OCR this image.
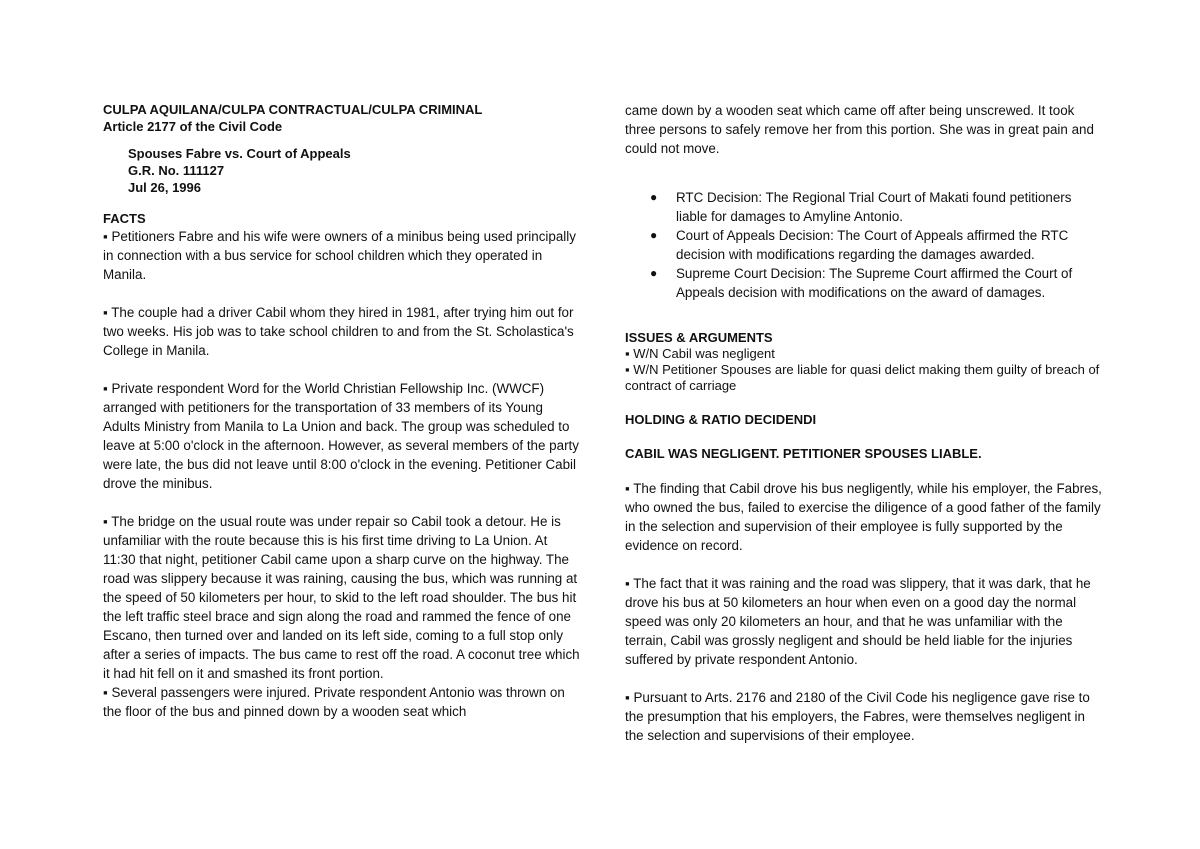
CULPA AQUILANA/CULPA CONTRACTUAL/CULPA CRIMINAL

Article 2177 of the Civil Code

Spouses Fabre vs. Court of Appeals

G.R. No. 111127

Jul 26, 1996

FACTS

▪ Petitioners Fabre and his wife were owners of a minibus being used principally in connection with a bus service for school children which they operated in Manila.

▪ The couple had a driver Cabil whom they hired in 1981, after trying him out for two weeks. His job was to take school children to and from the St. Scholastica's College in Manila.

▪ Private respondent Word for the World Christian Fellowship Inc. (WWCF) arranged with petitioners for the transportation of 33 members of its Young Adults Ministry from Manila to La Union and back. The group was scheduled to leave at 5:00 o'clock in the afternoon. However, as several members of the party were late, the bus did not leave until 8:00 o'clock in the evening. Petitioner Cabil drove the minibus.

▪ The bridge on the usual route was under repair so Cabil took a detour. He is unfamiliar with the route because this is his first time driving to La Union. At 11:30 that night, petitioner Cabil came upon a sharp curve on the highway. The road was slippery because it was raining, causing the bus, which was running at the speed of 50 kilometers per hour, to skid to the left road shoulder. The bus hit the left traffic steel brace and sign along the road and rammed the fence of one Escano, then turned over and landed on its left side, coming to a full stop only after a series of impacts. The bus came to rest off the road. A coconut tree which it had hit fell on it and smashed its front portion.

▪ Several passengers were injured. Private respondent Antonio was thrown on the floor of the bus and pinned down by a wooden seat which

came down by a wooden seat which came off after being unscrewed. It took three persons to safely remove her from this portion. She was in great pain and could not move.

● RTC Decision: The Regional Trial Court of Makati found petitioners liable for damages to Amyline Antonio.
● Court of Appeals Decision: The Court of Appeals affirmed the RTC decision with modifications regarding the damages awarded.
● Supreme Court Decision: The Supreme Court affirmed the Court of Appeals decision with modifications on the award of damages.

ISSUES & ARGUMENTS

▪ W/N Cabil was negligent

▪ W/N Petitioner Spouses are liable for quasi delict making them guilty of breach of contract of carriage

HOLDING & RATIO DECIDENDI

CABIL WAS NEGLIGENT. PETITIONER SPOUSES LIABLE.

▪ The finding that Cabil drove his bus negligently, while his employer, the Fabres, who owned the bus, failed to exercise the diligence of a good father of the family in the selection and supervision of their employee is fully supported by the evidence on record.

▪ The fact that it was raining and the road was slippery, that it was dark, that he drove his bus at 50 kilometers an hour when even on a good day the normal speed was only 20 kilometers an hour, and that he was unfamiliar with the terrain, Cabil was grossly negligent and should be held liable for the injuries suffered by private respondent Antonio.

▪ Pursuant to Arts. 2176 and 2180 of the Civil Code his negligence gave rise to the presumption that his employers, the Fabres, were themselves negligent in the selection and supervisions of their employee.
